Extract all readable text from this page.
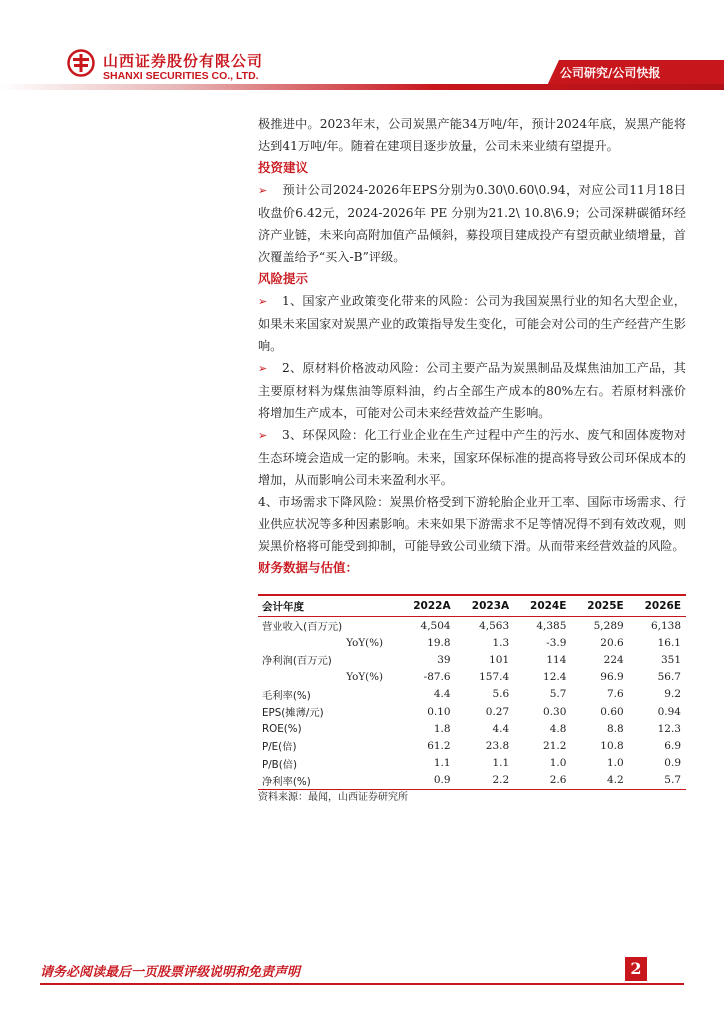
山西证券股份有限公司
SHANXI SECURITIES CO., LTD.	公司研究/公司快报

极推进中。2023年末，公司炭黑产能34万吨/年，预计2024年底，炭黑产能将达到41万吨/年。随着在建项目逐步放量，公司未来业绩有望提升。

投资建议

➢ 预计公司2024-2026年EPS分别为0.30\0.60\0.94，对应公司11月18日收盘价6.42元，2024-2026年 PE 分别为21.2\ 10.8\6.9；公司深耕碳循环经济产业链，未来向高附加值产品倾斜，募投项目建成投产有望贡献业绩增量，首次覆盖给予“买入-B”评级。

风险提示

➢ 1、国家产业政策变化带来的风险：公司为我国炭黑行业的知名大型企业，如果未来国家对炭黑产业的政策指导发生变化，可能会对公司的生产经营产生影响。

➢ 2、原材料价格波动风险：公司主要产品为炭黑制品及煤焦油加工产品，其主要原材料为煤焦油等原料油，约占全部生产成本的80%左右。若原材料涨价将增加生产成本，可能对公司未来经营效益产生影响。

➢ 3、环保风险：化工行业企业在生产过程中产生的污水、废气和固体废物对生态环境会造成一定的影响。未来，国家环保标准的提高将导致公司环保成本的增加，从而影响公司未来盈利水平。

4、市场需求下降风险：炭黑价格受到下游轮胎企业开工率、国际市场需求、行业供应状况等多种因素影响。未来如果下游需求不足等情况得不到有效改观，则炭黑价格将可能受到抑制，可能导致公司业绩下滑。从而带来经营效益的风险。

财务数据与估值：

会计年度	2022A	2023A	2024E	2025E	2026E
营业收入(百万元)	4,504	4,563	4,385	5,289	6,138
YoY(%)	19.8	1.3	-3.9	20.6	16.1
净利润(百万元)	39	101	114	224	351
YoY(%)	-87.6	157.4	12.4	96.9	56.7
毛利率(%)	4.4	5.6	5.7	7.6	9.2
EPS(摊薄/元)	0.10	0.27	0.30	0.60	0.94
ROE(%)	1.8	4.4	4.8	8.8	12.3
P/E(倍)	61.2	23.8	21.2	10.8	6.9
P/B(倍)	1.1	1.1	1.0	1.0	0.9
净利率(%)	0.9	2.2	2.6	4.2	5.7
资料来源：最闻，山西证券研究所
请务必阅读最后一页股票评级说明和免责声明	2
